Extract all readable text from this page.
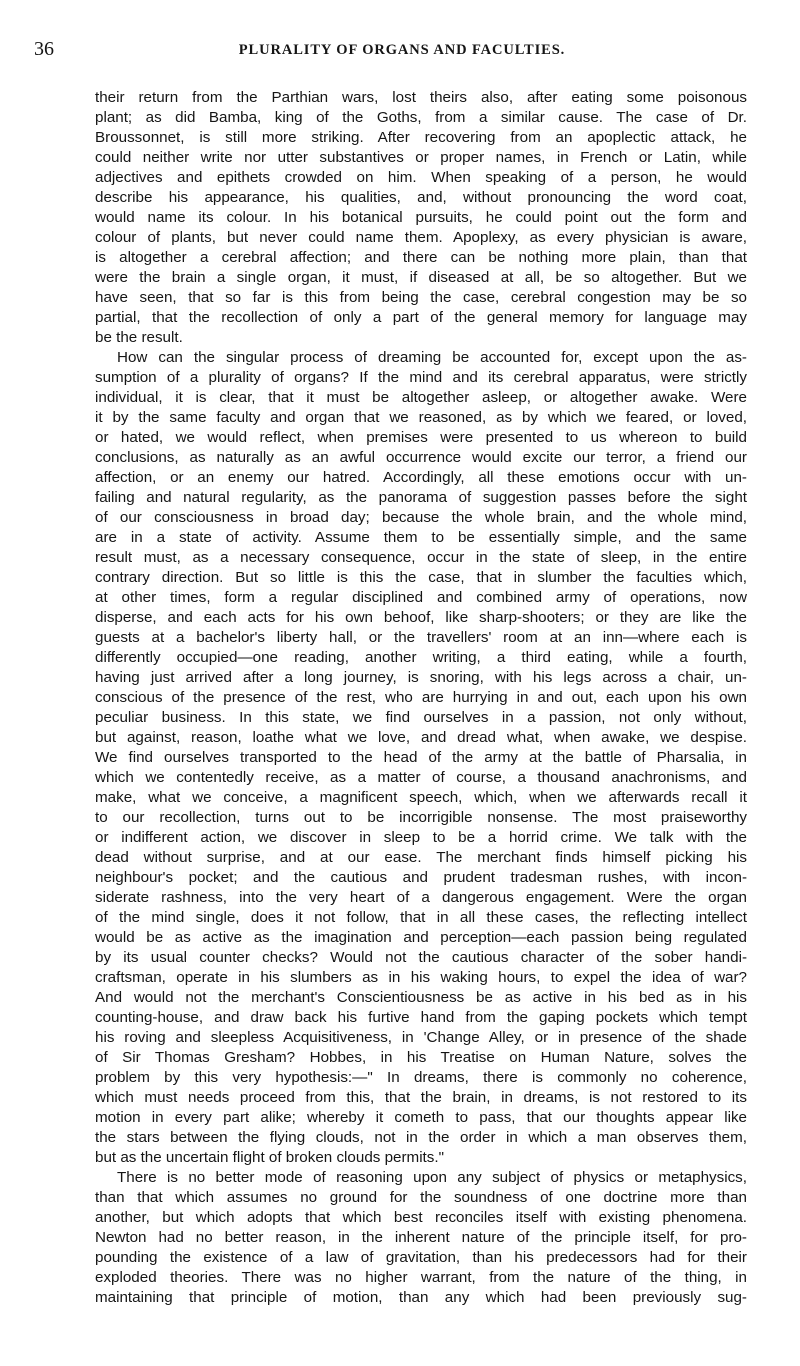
36	PLURALITY OF ORGANS AND FACULTIES.
their return from the Parthian wars, lost theirs also, after eating some poisonous
plant; as did Bamba, king of the Goths, from a similar cause. The case of Dr.
Broussonnet, is still more striking. After recovering from an apoplectic attack, he
could neither write nor utter substantives or proper names, in French or Latin, while
adjectives and epithets crowded on him. When speaking of a person, he would
describe his appearance, his qualities, and, without pronouncing the word coat,
would name its colour. In his botanical pursuits, he could point out the form and
colour of plants, but never could name them. Apoplexy, as every physician is aware,
is altogether a cerebral affection; and there can be nothing more plain, than that
were the brain a single organ, it must, if diseased at all, be so altogether. But we
have seen, that so far is this from being the case, cerebral congestion may be so
partial, that the recollection of only a part of the general memory for language may
be the result.
How can the singular process of dreaming be accounted for, except upon the as-
sumption of a plurality of organs? If the mind and its cerebral apparatus, were strictly
individual, it is clear, that it must be altogether asleep, or altogether awake. Were
it by the same faculty and organ that we reasoned, as by which we feared, or loved,
or hated, we would reflect, when premises were presented to us whereon to build
conclusions, as naturally as an awful occurrence would excite our terror, a friend our
affection, or an enemy our hatred. Accordingly, all these emotions occur with un-
failing and natural regularity, as the panorama of suggestion passes before the sight
of our consciousness in broad day; because the whole brain, and the whole mind,
are in a state of activity. Assume them to be essentially simple, and the same
result must, as a necessary consequence, occur in the state of sleep, in the entire
contrary direction. But so little is this the case, that in slumber the faculties which,
at other times, form a regular disciplined and combined army of operations, now
disperse, and each acts for his own behoof, like sharp-shooters; or they are like the
guests at a bachelor's liberty hall, or the travellers' room at an inn—where each is
differently occupied—one reading, another writing, a third eating, while a fourth,
having just arrived after a long journey, is snoring, with his legs across a chair, un-
conscious of the presence of the rest, who are hurrying in and out, each upon his own
peculiar business. In this state, we find ourselves in a passion, not only without,
but against, reason, loathe what we love, and dread what, when awake, we despise.
We find ourselves transported to the head of the army at the battle of Pharsalia, in
which we contentedly receive, as a matter of course, a thousand anachronisms, and
make, what we conceive, a magnificent speech, which, when we afterwards recall it
to our recollection, turns out to be incorrigible nonsense. The most praiseworthy
or indifferent action, we discover in sleep to be a horrid crime. We talk with the
dead without surprise, and at our ease. The merchant finds himself picking his
neighbour's pocket; and the cautious and prudent tradesman rushes, with incon-
siderate rashness, into the very heart of a dangerous engagement. Were the organ
of the mind single, does it not follow, that in all these cases, the reflecting intellect
would be as active as the imagination and perception—each passion being regulated
by its usual counter checks? Would not the cautious character of the sober handi-
craftsman, operate in his slumbers as in his waking hours, to expel the idea of war?
And would not the merchant's Conscientiousness be as active in his bed as in his
counting-house, and draw back his furtive hand from the gaping pockets which tempt
his roving and sleepless Acquisitiveness, in 'Change Alley, or in presence of the shade
of Sir Thomas Gresham? Hobbes, in his Treatise on Human Nature, solves the
problem by this very hypothesis:—" In dreams, there is commonly no coherence,
which must needs proceed from this, that the brain, in dreams, is not restored to its
motion in every part alike; whereby it cometh to pass, that our thoughts appear like
the stars between the flying clouds, not in the order in which a man observes them,
but as the uncertain flight of broken clouds permits."
There is no better mode of reasoning upon any subject of physics or metaphysics,
than that which assumes no ground for the soundness of one doctrine more than
another, but which adopts that which best reconciles itself with existing phenomena.
Newton had no better reason, in the inherent nature of the principle itself, for pro-
pounding the existence of a law of gravitation, than his predecessors had for their
exploded theories. There was no higher warrant, from the nature of the thing, in
maintaining that principle of motion, than any which had been previously sug-
